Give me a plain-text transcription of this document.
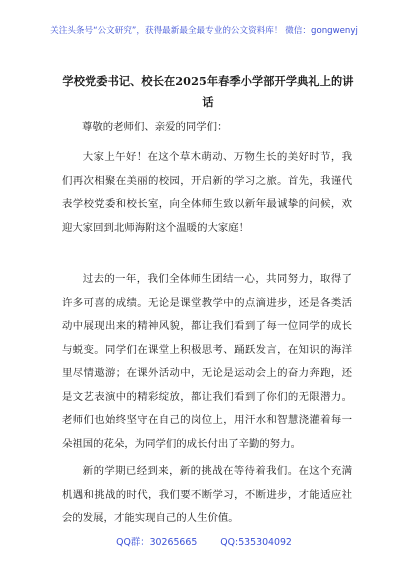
关注头条号“公文研究”，获得最新最全最专业的公文资料库！ 微信：gongwenyj
学校党委书记、校长在2025年春季小学部开学典礼上的讲话
尊敬的老师们、亲爱的同学们：

大家上午好！在这个草木萌动、万物生长的美好时节，我们再次相聚在美丽的校园，开启新的学习之旅。首先，我谨代表学校党委和校长室，向全体师生致以新年最诚挚的问候，欢迎大家回到北师海附这个温暖的大家庭！

过去的一年，我们全体师生团结一心，共同努力，取得了许多可喜的成绩。无论是课堂教学中的点滴进步，还是各类活动中展现出来的精神风貌，都让我们看到了每一位同学的成长与蜕变。同学们在课堂上积极思考、踊跃发言，在知识的海洋里尽情遨游；在课外活动中，无论是运动会上的奋力奔跑，还是文艺表演中的精彩绽放，都让我们看到了你们的无限潜力。老师们也始终坚守在自己的岗位上，用汗水和智慧浇灌着每一朵祖国的花朵，为同学们的成长付出了辛勤的努力。

新的学期已经到来，新的挑战在等待着我们。在这个充满机遇和挑战的时代，我们要不断学习，不断进步，才能适应社会的发展，才能实现自己的人生价值。

QQ群：30265665 QQ:535304092
